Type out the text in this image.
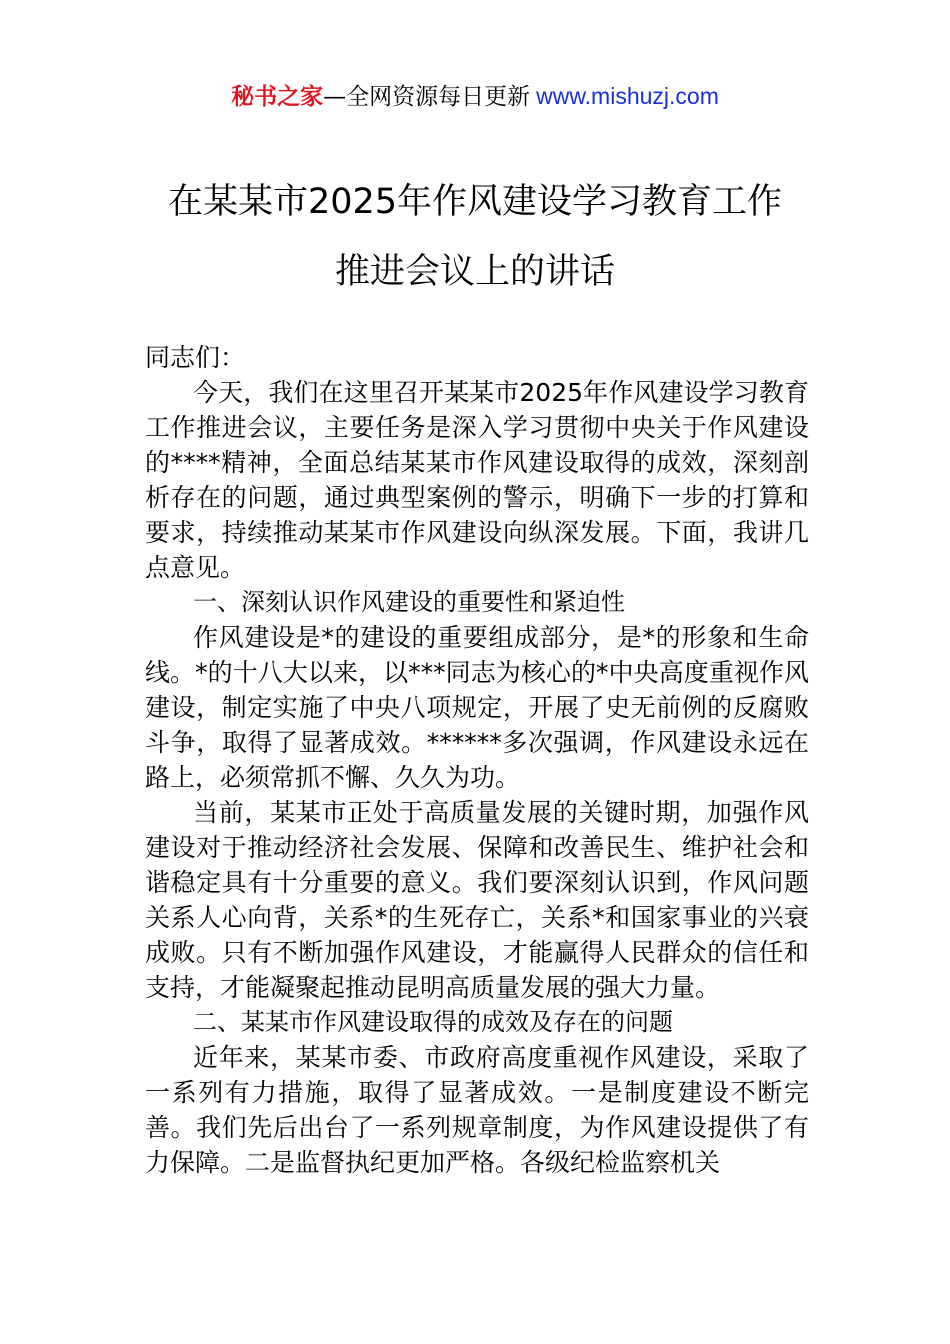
秘书之家—全网资源每日更新 www.mishuzj.com
在某某市2025年作风建设学习教育工作
推进会议上的讲话

同志们：

今天，我们在这里召开某某市2025年作风建设学习教育工作推进会议，主要任务是深入学习贯彻中央关于作风建设的****精神，全面总结某某市作风建设取得的成效，深刻剖析存在的问题，通过典型案例的警示，明确下一步的打算和要求，持续推动某某市作风建设向纵深发展。下面，我讲几点意见。

一、深刻认识作风建设的重要性和紧迫性

作风建设是*的建设的重要组成部分，是*的形象和生命线。*的十八大以来，以***同志为核心的*中央高度重视作风建设，制定实施了中央八项规定，开展了史无前例的反腐败斗争，取得了显著成效。******多次强调，作风建设永远在路上，必须常抓不懈、久久为功。

当前，某某市正处于高质量发展的关键时期，加强作风建设对于推动经济社会发展、保障和改善民生、维护社会和谐稳定具有十分重要的意义。我们要深刻认识到，作风问题关系人心向背，关系*的生死存亡，关系*和国家事业的兴衰成败。只有不断加强作风建设，才能赢得人民群众的信任和支持，才能凝聚起推动昆明高质量发展的强大力量。

二、某某市作风建设取得的成效及存在的问题

近年来，某某市委、市政府高度重视作风建设，采取了一系列有力措施，取得了显著成效。一是制度建设不断完善。我们先后出台了一系列规章制度，为作风建设提供了有力保障。二是监督执纪更加严格。各级纪检监察机关
